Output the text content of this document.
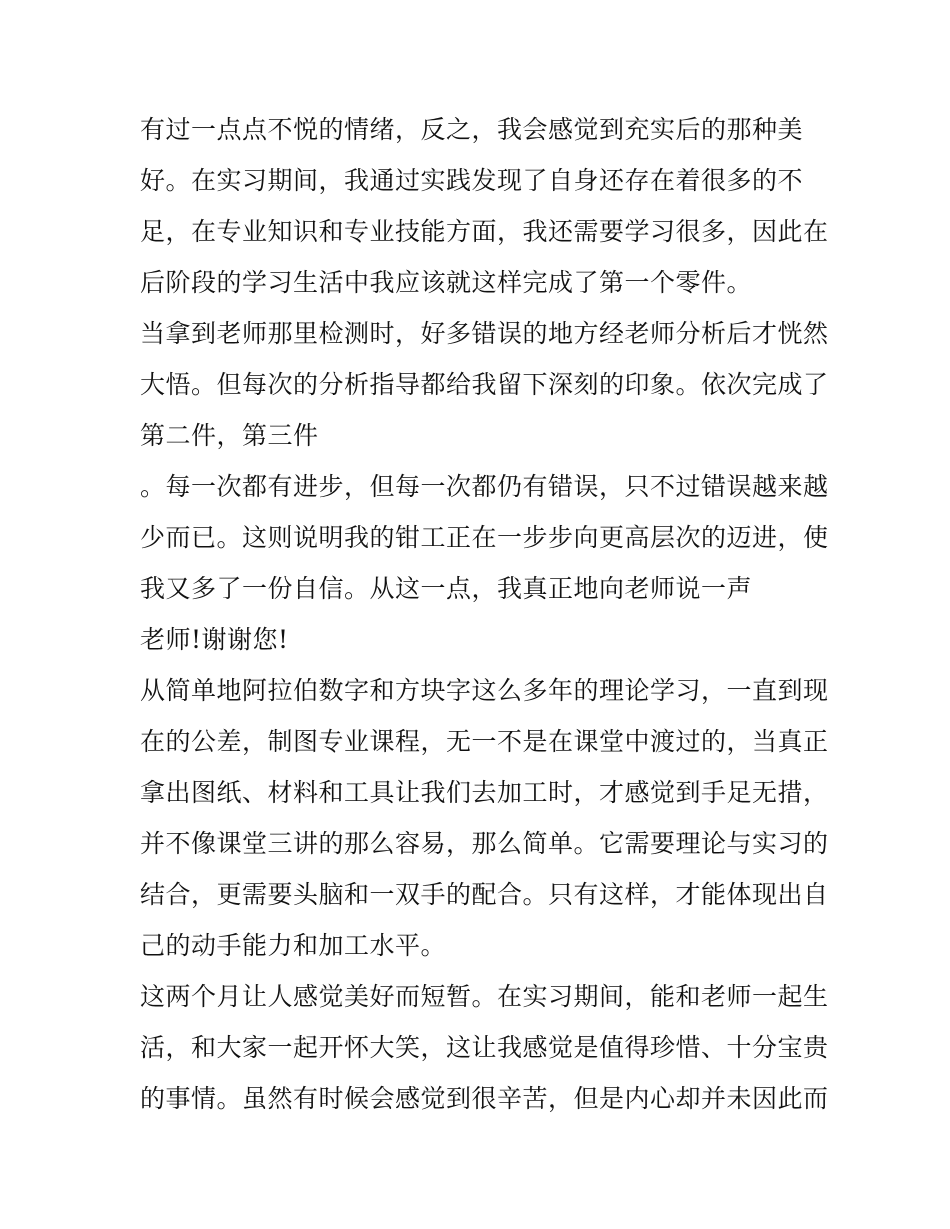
有过一点点不悦的情绪，反之，我会感觉到充实后的那种美
好。在实习期间，我通过实践发现了自身还存在着很多的不
足，在专业知识和专业技能方面，我还需要学习很多，因此在
后阶段的学习生活中我应该就这样完成了第一个零件。
当拿到老师那里检测时，好多错误的地方经老师分析后才恍然
大悟。但每次的分析指导都给我留下深刻的印象。依次完成了
第二件，第三件
。每一次都有进步，但每一次都仍有错误，只不过错误越来越
少而已。这则说明我的钳工正在一步步向更高层次的迈进，使
我又多了一份自信。从这一点，我真正地向老师说一声
老师!谢谢您!
从简单地阿拉伯数字和方块字这么多年的理论学习，一直到现
在的公差，制图专业课程，无一不是在课堂中渡过的，当真正
拿出图纸、材料和工具让我们去加工时，才感觉到手足无措，
并不像课堂三讲的那么容易，那么简单。它需要理论与实习的
结合，更需要头脑和一双手的配合。只有这样，才能体现出自
己的动手能力和加工水平。
这两个月让人感觉美好而短暂。在实习期间，能和老师一起生
活，和大家一起开怀大笑，这让我感觉是值得珍惜、十分宝贵
的事情。虽然有时候会感觉到很辛苦，但是内心却并未因此而
